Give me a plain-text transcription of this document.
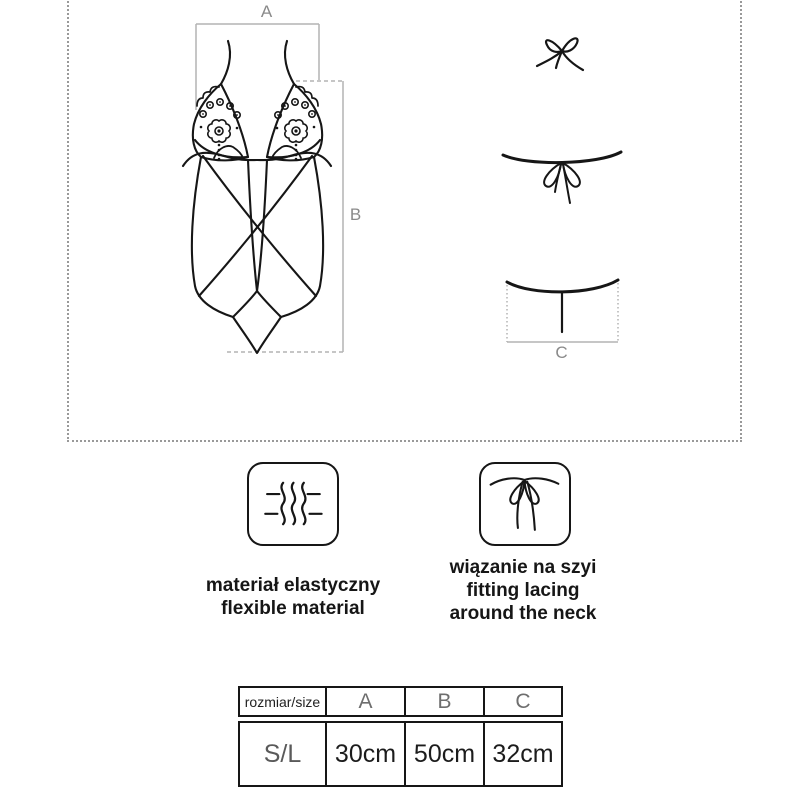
A
B
C
materiał elastyczny
flexible material
wiązanie na szyi
fitting lacing
around the neck
rozmiar/size	A	B	C
S/L	30cm 50cm 32cm
